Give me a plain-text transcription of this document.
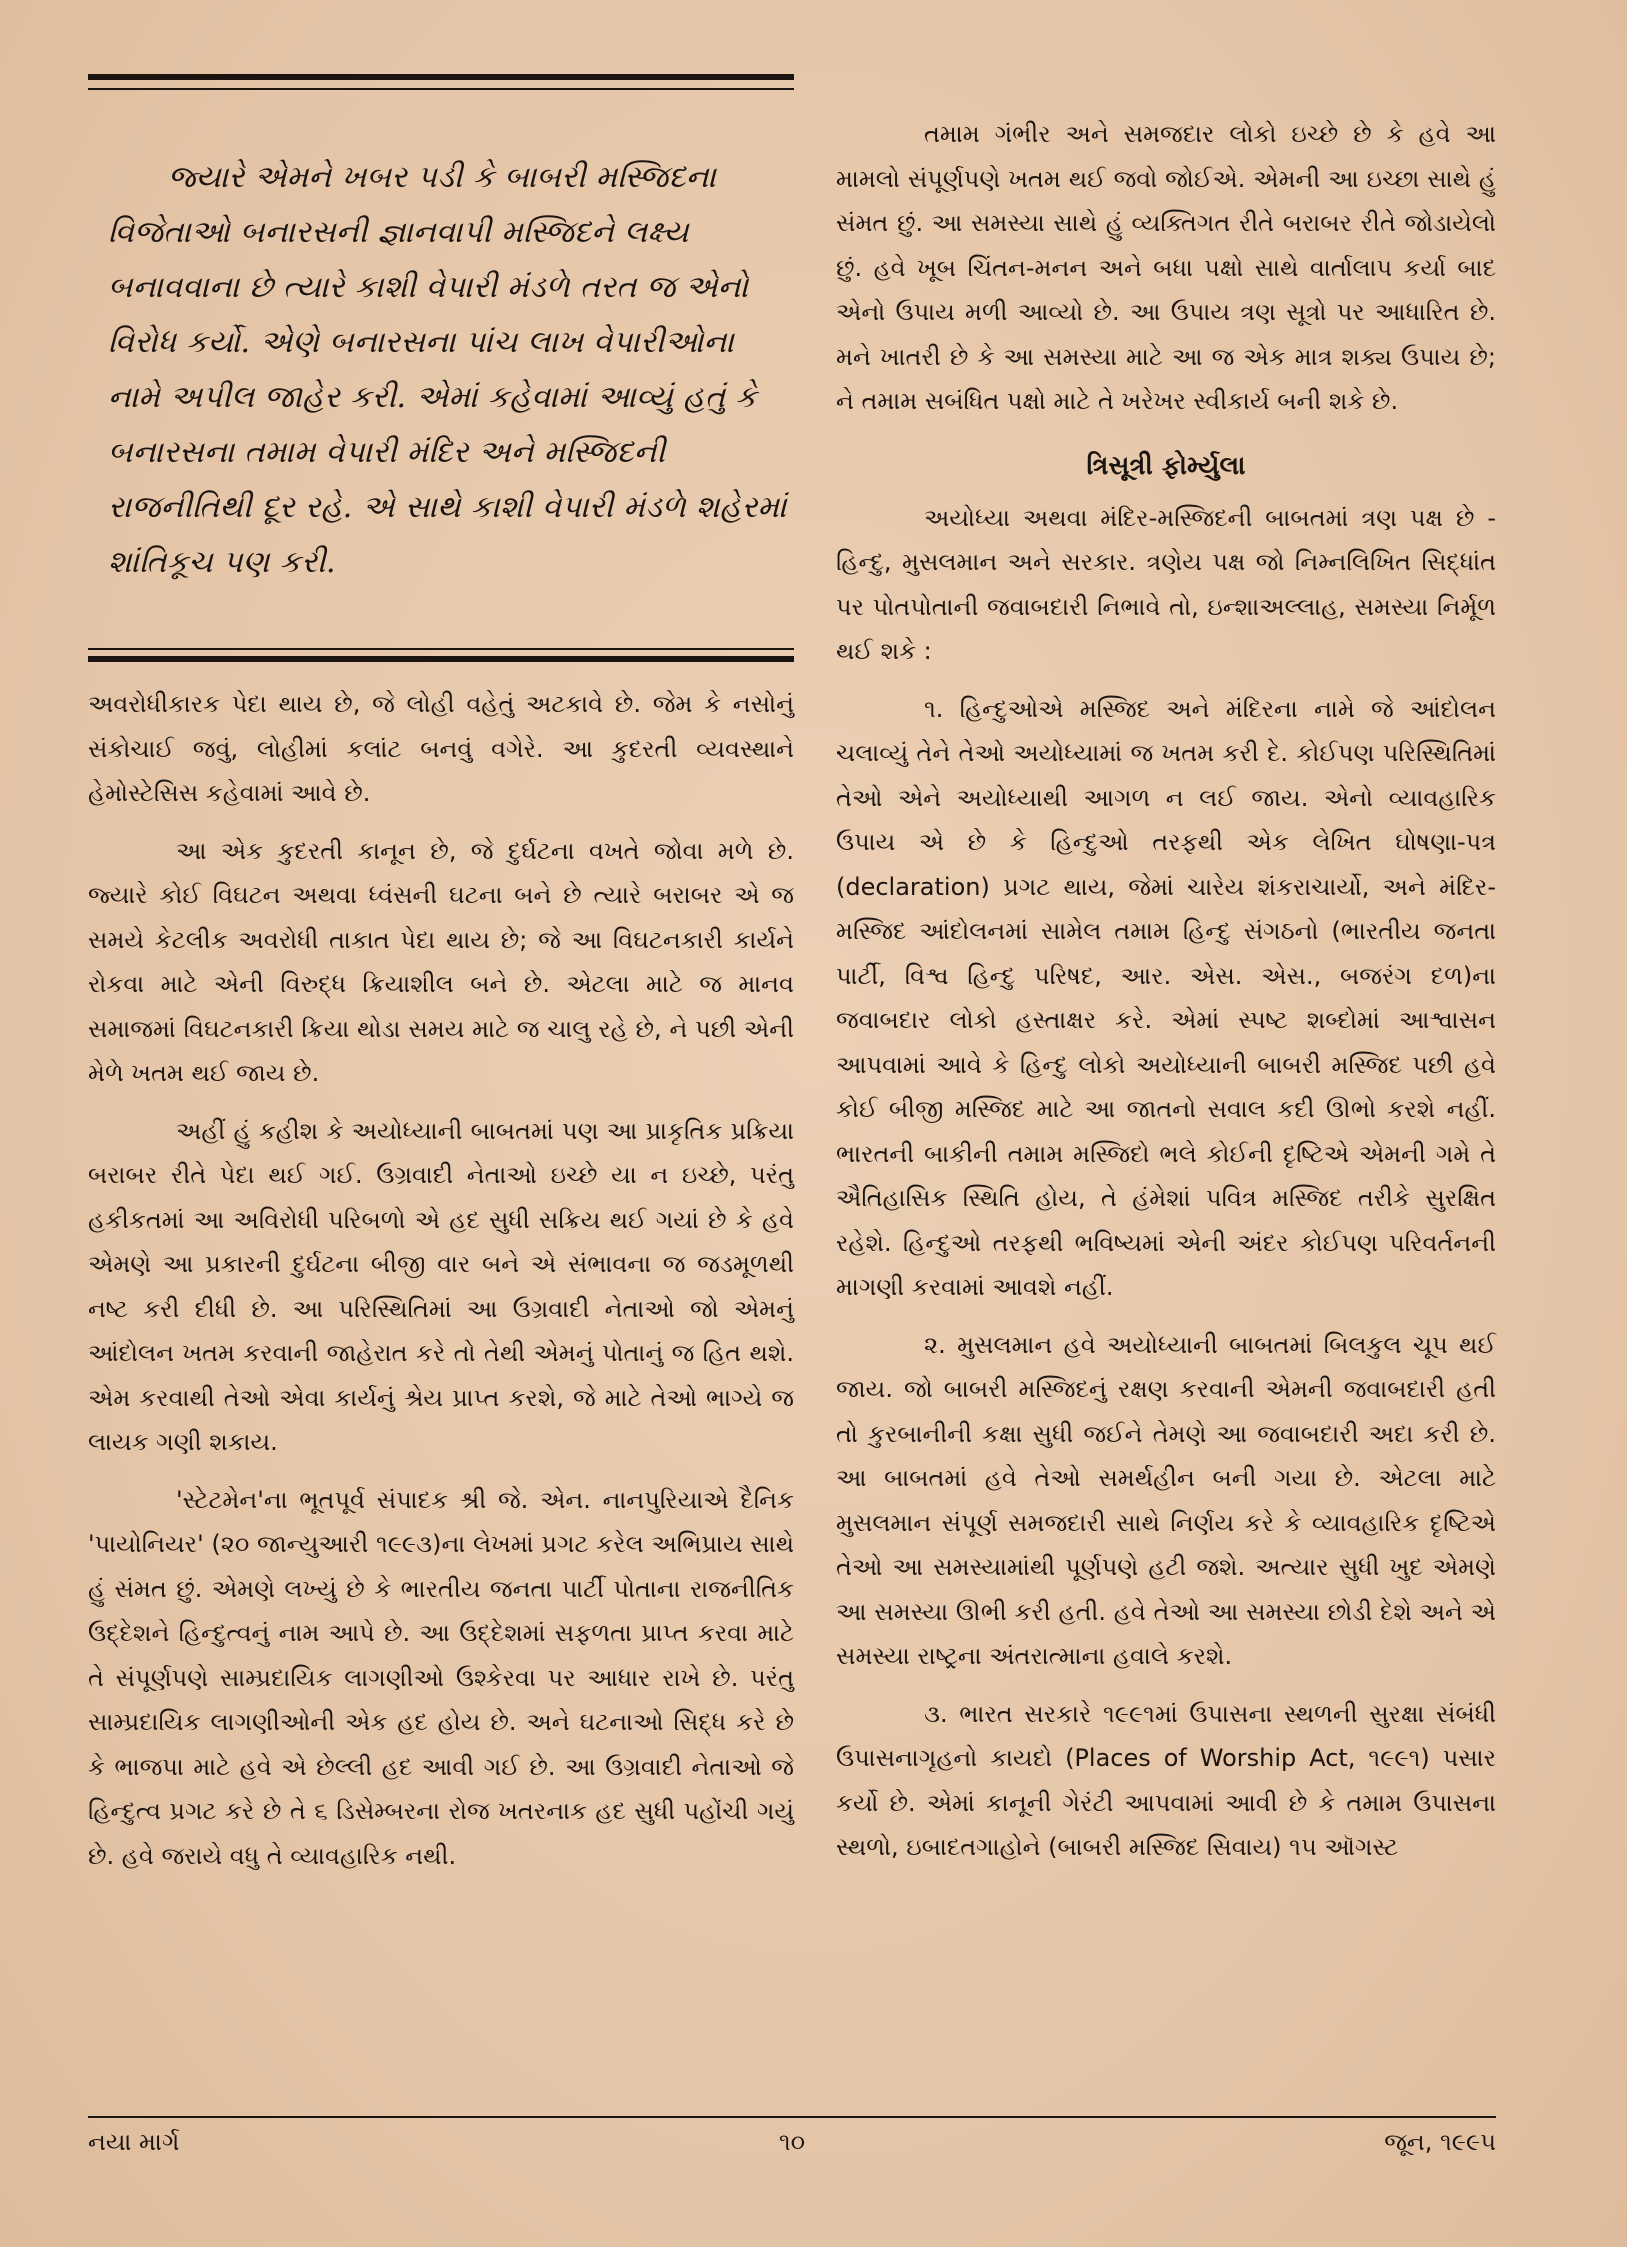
જ્યારે એમને ખબર પડી કે બાબરી મસ્જિદના વિજેતાઓ બનારસની જ્ઞાનવાપી મસ્જિદને લક્ષ્ય બનાવવાના છે ત્યારે કાશી વેપારી મંડળે તરત જ એનો વિરોધ કર્યો. એણે બનારસના પાંચ લાખ વેપારીઓના નામે અપીલ જાહેર કરી. એમાં કહેવામાં આવ્યું હતું કે બનારસના તમામ વેપારી મંદિર અને મસ્જિદની રાજનીતિથી દૂર રહે. એ સાથે કાશી વેપારી મંડળે શહેરમાં શાંતિકૂચ પણ કરી.

અવરોધીકારક પેદા થાય છે, જે લોહી વહેતું અટકાવે છે. જેમ કે નસોનું સંકોચાઈ જવું, લોહીમાં કલાંટ બનવું વગેરે. આ કુદરતી વ્યવસ્થાને હેમોસ્ટેસિસ કહેવામાં આવે છે.

આ એક કુદરતી કાનૂન છે, જે દુર્ઘટના વખતે જોવા મળે છે. જ્યારે કોઈ વિઘટન અથવા ધ્વંસની ઘટના બને છે ત્યારે બરાબર એ જ સમયે કેટલીક અવરોધી તાકાત પેદા થાય છે; જે આ વિઘટનકારી કાર્યને રોકવા માટે એની વિરુદ્ધ ક્રિયાશીલ બને છે. એટલા માટે જ માનવ સમાજમાં વિઘટનકારી ક્રિયા થોડા સમય માટે જ ચાલુ રહે છે, ને પછી એની મેળે ખતમ થઈ જાય છે.

અહીં હું કહીશ કે અયોધ્યાની બાબતમાં પણ આ પ્રાકૃતિક પ્રક્રિયા બરાબર રીતે પેદા થઈ ગઈ. ઉગ્રવાદી નેતાઓ ઇચ્છે યા ન ઇચ્છે, પરંતુ હકીકતમાં આ અવિરોધી પરિબળો એ હદ સુધી સક્રિય થઈ ગયાં છે કે હવે એમણે આ પ્રકારની દુર્ઘટના બીજી વાર બને એ સંભાવના જ જડમૂળથી નષ્ટ કરી દીધી છે. આ પરિસ્થિતિમાં આ ઉગ્રવાદી નેતાઓ જો એમનું આંદોલન ખતમ કરવાની જાહેરાત કરે તો તેથી એમનું પોતાનું જ હિત થશે. એમ કરવાથી તેઓ એવા કાર્યનું શ્રેય પ્રાપ્ત કરશે, જે માટે તેઓ ભાગ્યે જ લાયક ગણી શકાય.

'સ્ટેટમેન'ના ભૂતપૂર્વ સંપાદક શ્રી જે. એન. નાનપુરિયાએ દૈનિક 'પાયોનિયર' (૨૦ જાન્યુઆરી ૧૯૯૩)ના લેખમાં પ્રગટ કરેલ અભિપ્રાય સાથે હું સંમત છું. એમણે લખ્યું છે કે ભારતીય જનતા પાર્ટી પોતાના રાજનીતિક ઉદ્દેશને હિન્દુત્વનું નામ આપે છે. આ ઉદ્દેશમાં સફળતા પ્રાપ્ત કરવા માટે તે સંપૂર્ણપણે સામ્પ્રદાયિક લાગણીઓ ઉશ્કેરવા પર આધાર રાખે છે. પરંતુ સામ્પ્રદાયિક લાગણીઓની એક હદ હોય છે. અને ઘટનાઓ સિદ્ધ કરે છે કે ભાજપા માટે હવે એ છેલ્લી હદ આવી ગઈ છે. આ ઉગ્રવાદી નેતાઓ જે હિન્દુત્વ પ્રગટ કરે છે તે ૬ ડિસેમ્બરના રોજ ખતરનાક હદ સુધી પહોંચી ગયું છે. હવે જરાયે વધુ તે વ્યાવહારિક નથી.

તમામ ગંભીર અને સમજદાર લોકો ઇચ્છે છે કે હવે આ મામલો સંપૂર્ણપણે ખતમ થઈ જવો જોઈએ. એમની આ ઇચ્છા સાથે હું સંમત છું. આ સમસ્યા સાથે હું વ્યક્તિગત રીતે બરાબર રીતે જોડાયેલો છું. હવે ખૂબ ચિંતન-મનન અને બધા પક્ષો સાથે વાર્તાલાપ કર્યા બાદ એનો ઉપાય મળી આવ્યો છે. આ ઉપાય ત્રણ સૂત્રો પર આધારિત છે. મને ખાતરી છે કે આ સમસ્યા માટે આ જ એક માત્ર શક્ય ઉપાય છે; ને તમામ સબંધિત પક્ષો માટે તે ખરેખર સ્વીકાર્ય બની શકે છે.

ત્રિસૂત્રી ફોર્મ્યુલા

અયોધ્યા અથવા મંદિર-મસ્જિદની બાબતમાં ત્રણ પક્ષ છે - હિન્દુ, મુસલમાન અને સરકાર. ત્રણેય પક્ષ જો નિમ્નલિખિત સિદ્ધાંત પર પોતપોતાની જવાબદારી નિભાવે તો, ઇન્શાઅલ્લાહ, સમસ્યા નિર્મૂળ થઈ શકે :

૧. હિન્દુઓએ મસ્જિદ અને મંદિરના નામે જે આંદોલન ચલાવ્યું તેને તેઓ અયોધ્યામાં જ ખતમ કરી દે. કોઈપણ પરિસ્થિતિમાં તેઓ એને અયોધ્યાથી આગળ ન લઈ જાય. એનો વ્યાવહારિક ઉપાય એ છે કે હિન્દુઓ તરફથી એક લેખિત ઘોષણા-પત્ર (declaration) પ્રગટ થાય, જેમાં ચારેય શંકરાચાર્યો, અને મંદિર-મસ્જિદ આંદોલનમાં સામેલ તમામ હિન્દુ સંગઠનો (ભારતીય જનતા પાર્ટી, વિશ્વ હિન્દુ પરિષદ, આર. એસ. એસ., બજરંગ દળ)ના જવાબદાર લોકો હસ્તાક્ષર કરે. એમાં સ્પષ્ટ શબ્દોમાં આશ્વાસન આપવામાં આવે કે હિન્દુ લોકો અયોધ્યાની બાબરી મસ્જિદ પછી હવે કોઈ બીજી મસ્જિદ માટે આ જાતનો સવાલ કદી ઊભો કરશે નહીં. ભારતની બાકીની તમામ મસ્જિદો ભલે કોઈની દૃષ્ટિએ એમની ગમે તે ઐતિહાસિક સ્થિતિ હોય, તે હંમેશાં પવિત્ર મસ્જિદ તરીકે સુરક્ષિત રહેશે. હિન્દુઓ તરફથી ભવિષ્યમાં એની અંદર કોઈપણ પરિવર્તનની માગણી કરવામાં આવશે નહીં.

૨. મુસલમાન હવે અયોધ્યાની બાબતમાં બિલકુલ ચૂપ થઈ જાય. જો બાબરી મસ્જિદનું રક્ષણ કરવાની એમની જવાબદારી હતી તો કુરબાનીની કક્ષા સુધી જઈને તેમણે આ જવાબદારી અદા કરી છે. આ બાબતમાં હવે તેઓ સમર્થહીન બની ગયા છે. એટલા માટે મુસલમાન સંપૂર્ણ સમજદારી સાથે નિર્ણય કરે કે વ્યાવહારિક દૃષ્ટિએ તેઓ આ સમસ્યામાંથી પૂર્ણપણે હટી જશે. અત્યાર સુધી ખુદ એમણે આ સમસ્યા ઊભી કરી હતી. હવે તેઓ આ સમસ્યા છોડી દેશે અને એ સમસ્યા રાષ્ટ્રના અંતરાત્માના હવાલે કરશે.

૩. ભારત સરકારે ૧૯૯૧માં ઉપાસના સ્થળની સુરક્ષા સંબંધી ઉપાસનાગૃહનો કાયદો (Places of Worship Act, ૧૯૯૧) પસાર કર્યો છે. એમાં કાનૂની ગેરંટી આપવામાં આવી છે કે તમામ ઉપાસના સ્થળો, ઇબાદતગાહોને (બાબરી મસ્જિદ સિવાય) ૧૫ ઑગસ્ટ

નયા માર્ગ	૧૦	જૂન, ૧૯૯૫
